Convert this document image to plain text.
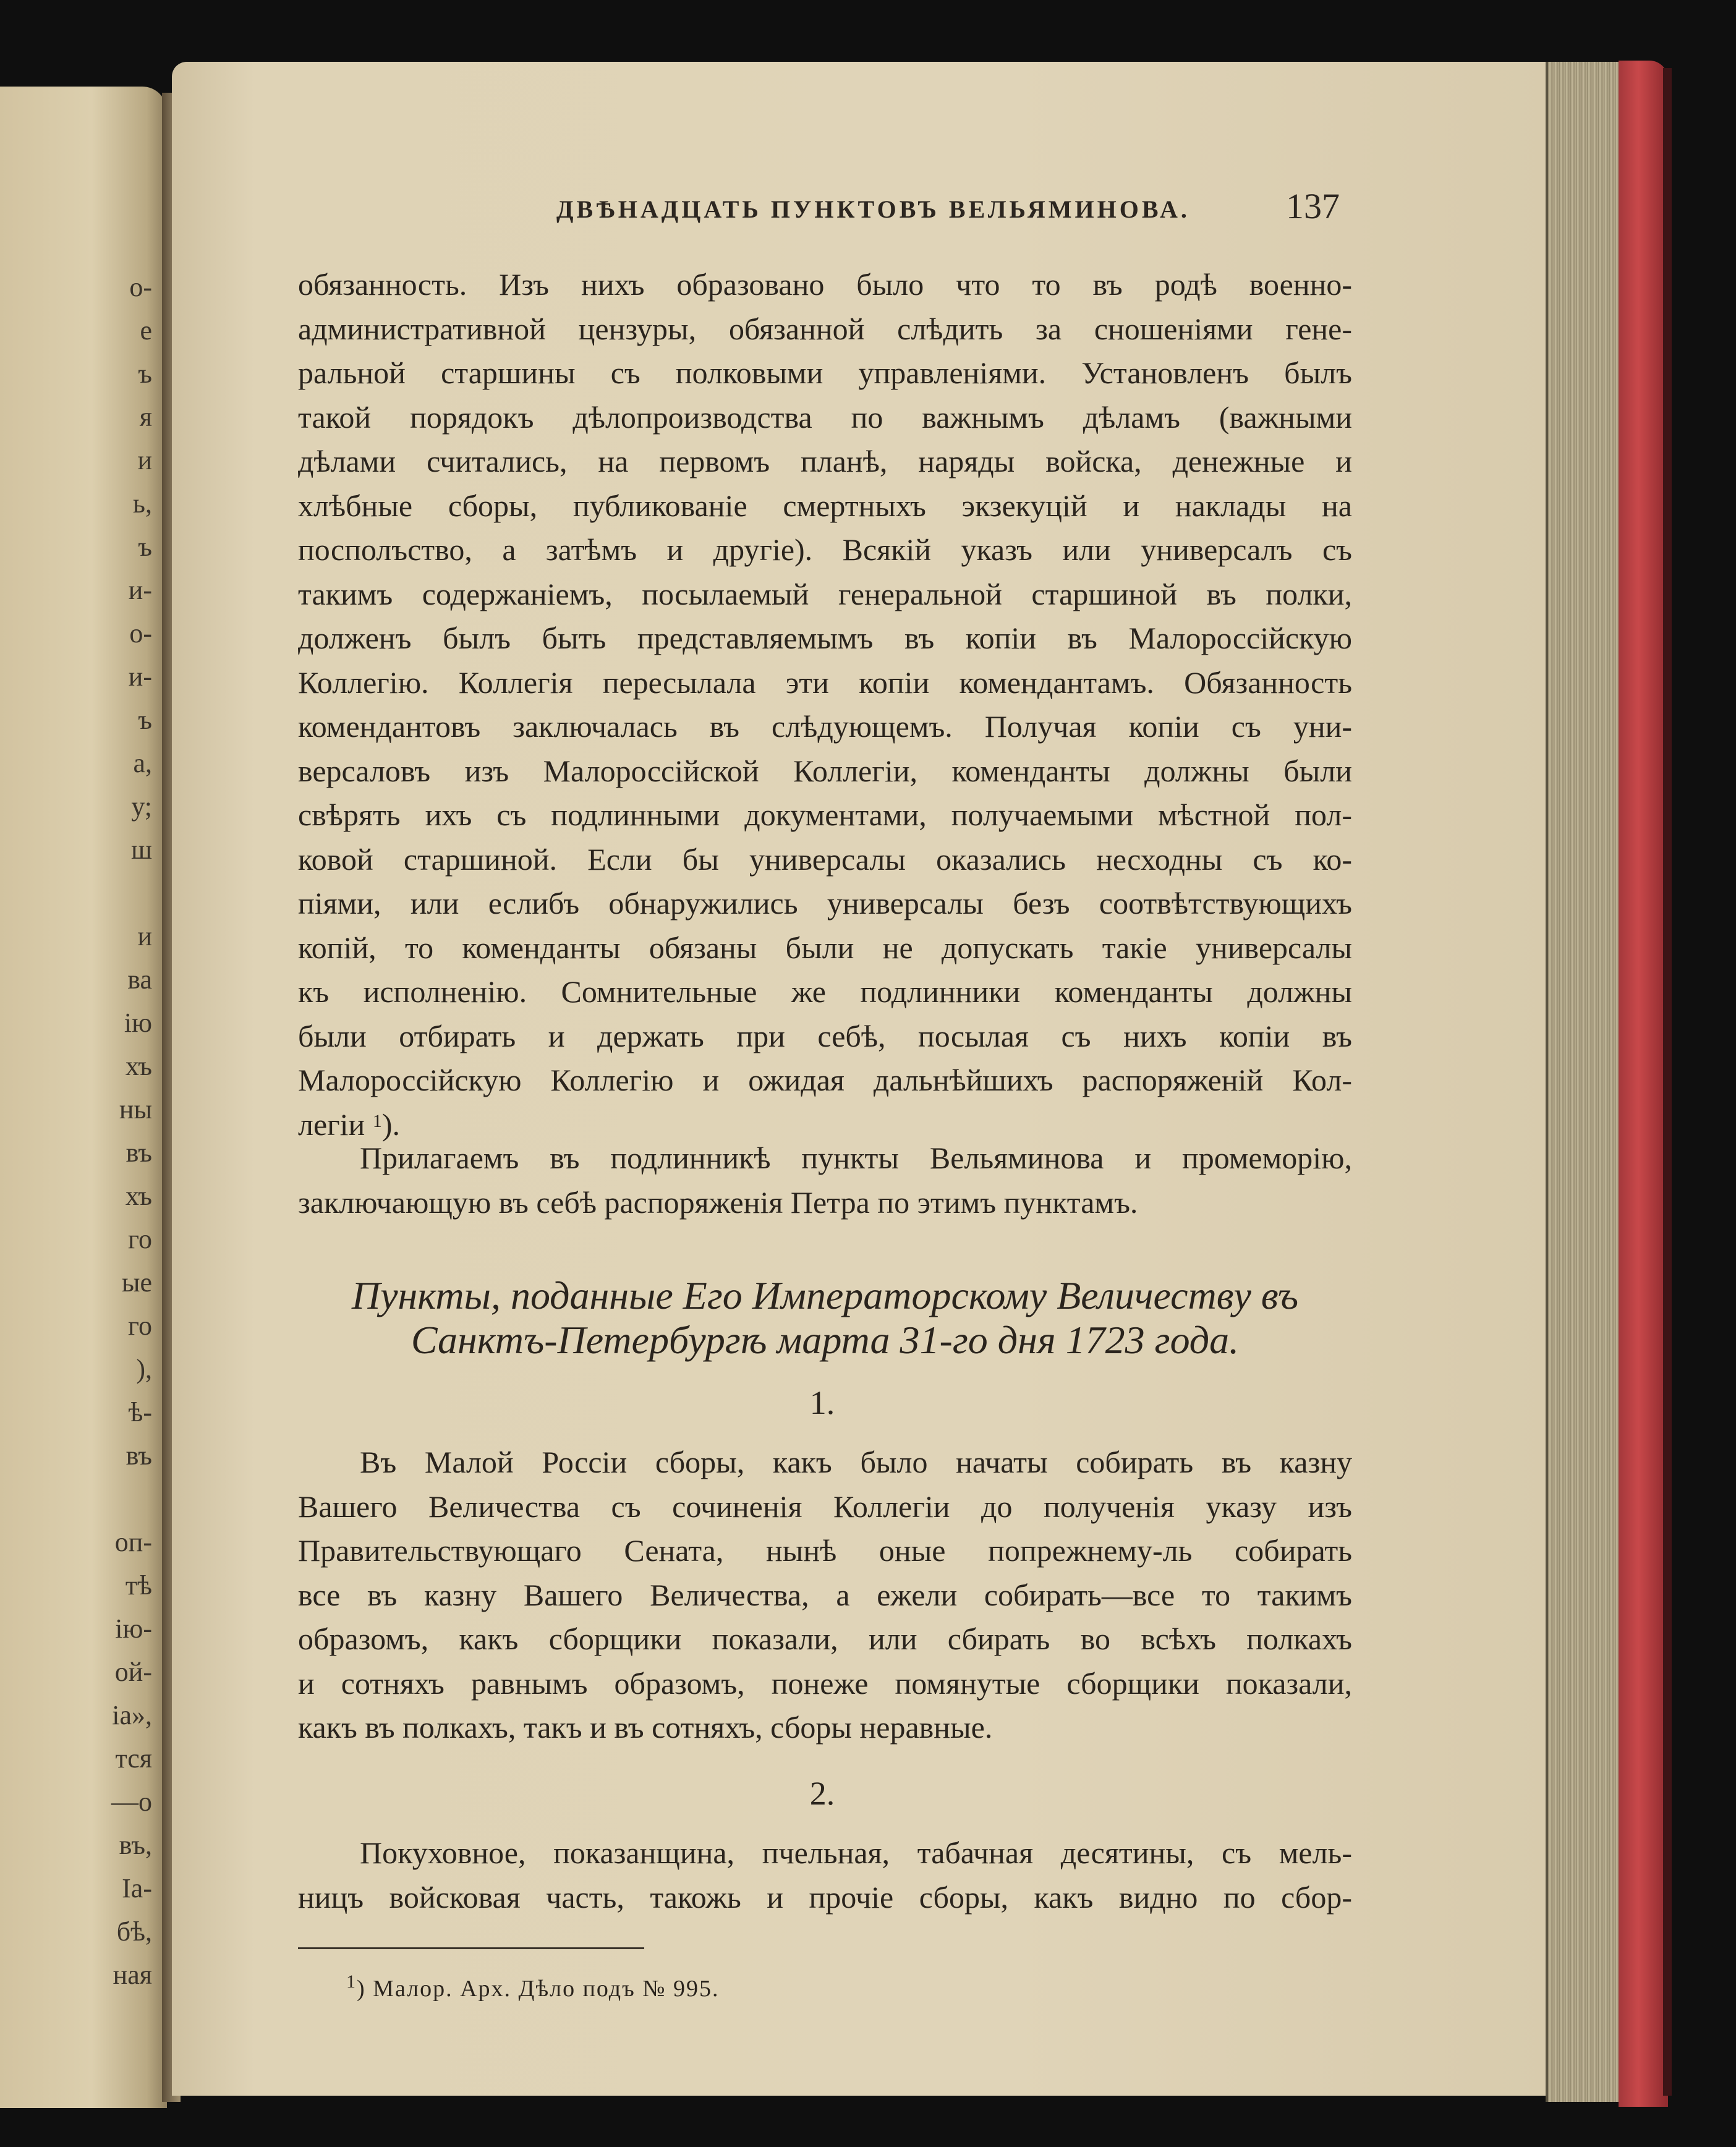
о-
е
ъ
я
и
ь,
ъ
и-
о-
и-
ъ
а,
у;
ш
и
ва
ію
хъ
ны
въ
хъ
го
ые
го
),
ѣ-
въ
оп-
тѣ
ію-
ой-
іа»,
тся
—о
въ,
Іа-
бѣ,
ная
ДВѢНАДЦАТЬ ПУНКТОВЪ ВЕЛЬЯМИНОВА.	137
обязанность. Изъ нихъ образовано было что то въ родѣ военно-
административной цензуры, обязанной слѣдить за сношеніями гене-
ральной старшины съ полковыми управленіями. Установленъ былъ
такой порядокъ дѣлопроизводства по важнымъ дѣламъ (важными
дѣлами считались, на первомъ планѣ, наряды войска, денежные и
хлѣбные сборы, публикованіе смертныхъ экзекуцій и наклады на
посполъство, а затѣмъ и другіе). Всякій указъ или универсалъ съ
такимъ содержаніемъ, посылаемый генеральной старшиной въ полки,
долженъ былъ быть представляемымъ въ копіи въ Малороссійскую
Коллегію. Коллегія пересылала эти копіи комендантамъ. Обязанность
комендантовъ заключалась въ слѣдующемъ. Получая копіи съ уни-
версаловъ изъ Малороссійской Коллегіи, коменданты должны были
свѣрять ихъ съ подлинными документами, получаемыми мѣстной пол-
ковой старшиной. Если бы универсалы оказались несходны съ ко-
піями, или еслибъ обнаружились универсалы безъ соотвѣтствующихъ
копій, то коменданты обязаны были не допускать такіе универсалы
къ исполненію. Сомнительные же подлинники коменданты должны
были отбирать и держать при себѣ, посылая съ нихъ копіи въ
Малороссійскую Коллегію и ожидая дальнѣйшихъ распоряженій Кол-
легіи $^1$).
Прилагаемъ въ подлинникѣ пункты Вельяминова и промеморію,
заключающую въ себѣ распоряженія Петра по этимъ пунктамъ.
Пункты, поданные Его Императорскому Величеству въ
Санктъ-Петербургѣ марта 31-го дня 1723 года.
1.
Въ Малой Россіи сборы, какъ было начаты собирать въ казну
Вашего Величества съ сочиненія Коллегіи до полученія указу изъ
Правительствующаго Сената, нынѣ оные попрежнему-ль собирать
все въ казну Вашего Величества, а ежели собирать—все то такимъ
образомъ, какъ сборщики показали, или сбирать во всѣхъ полкахъ
и сотняхъ равнымъ образомъ, понеже помянутые сборщики показали,
какъ въ полкахъ, такъ и въ сотняхъ, сборы неравные.
2.
Покуховное, показанщина, пчельная, табачная десятины, съ мель-
ницъ войсковая часть, такожь и прочіе сборы, какъ видно по сбор-
$^1$) Малор. Арх. Дѣло подъ № 995.
